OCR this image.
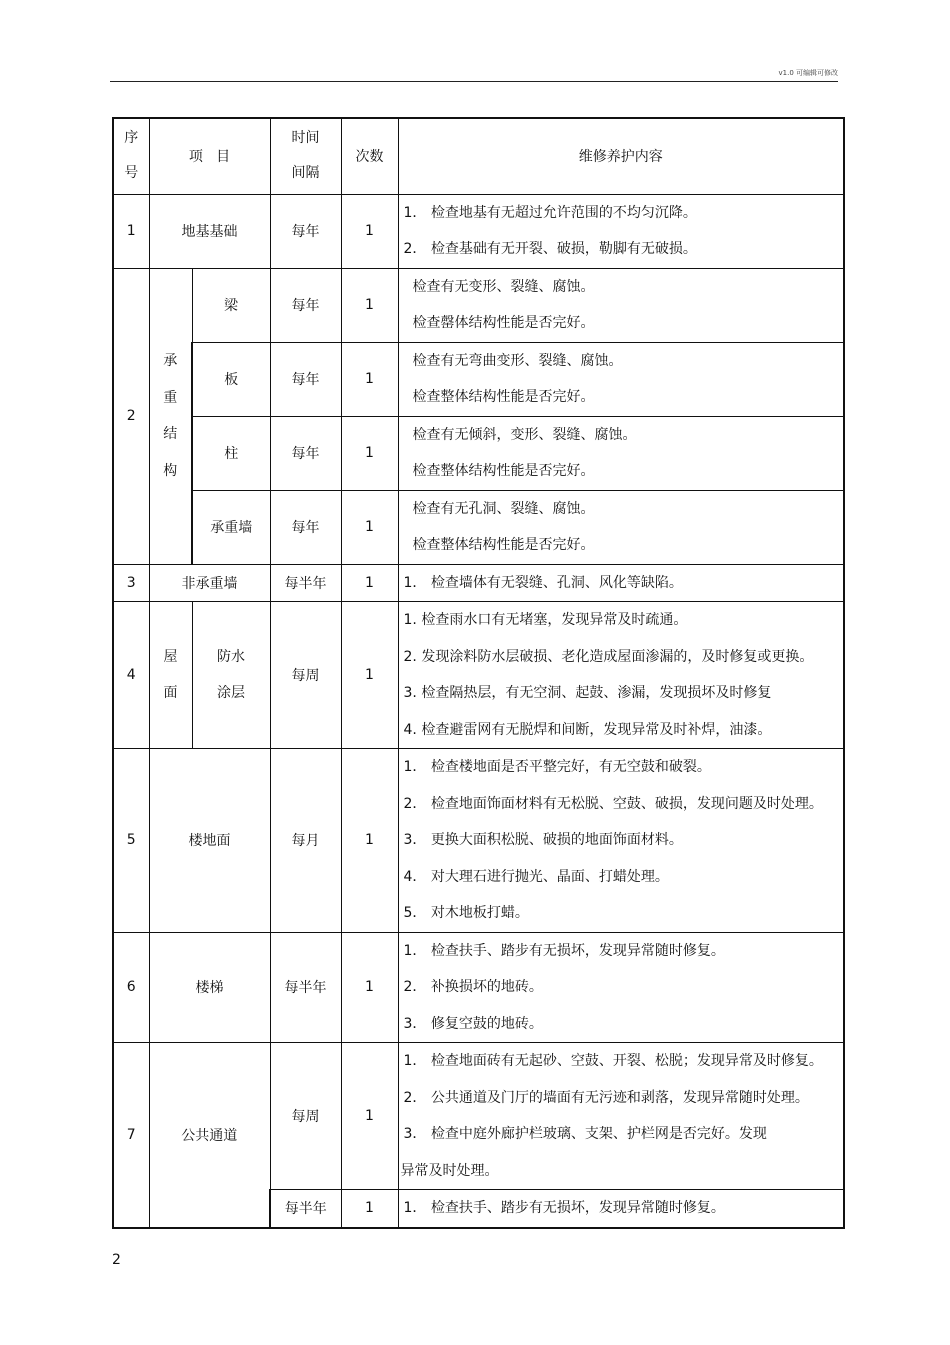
v1.0 可编辑可修改
序
号	项   目		时间
间隔	次数	维修养护内容
1	地基基础		每年	1	1． 检查地基有无超过允许范围的不均匀沉降。
2． 检查基础有无开裂、破损，勒脚有无破损。

2	承
重
结
构	梁	每年	1	检查有无变形、裂缝、腐蚀。
检查罄体结构性能是否完好。

		板	每年	1	检查有无弯曲变形、裂缝、腐蚀。
检查整体结构性能是否完好。

		柱	每年	1	检查有无倾斜，变形、裂缝、腐蚀。
检查整体结构性能是否完好。

		承重墙	每年	1	检查有无孔洞、裂缝、腐蚀。
检查整体结构性能是否完好。

3	非承重墙		每半年	1	1． 检查墙体有无裂缝、孔洞、风化等缺陷。

4	屋
面	防水
涂层	每周	1	1. 检查雨水口有无堵塞，发现异常及时疏通。
2. 发现涂料防水层破损、老化造成屋面渗漏的，及时修复或更换。
3. 检查隔热层，有无空洞、起鼓、渗漏，发现损坏及时修复
4. 检查避雷网有无脱焊和间断，发现异常及时补焊，油漆。

5	楼地面		每月	1	1． 检查楼地面是否平整完好，有无空鼓和破裂。
2． 检查地面饰面材料有无松脱、空鼓、破损，发现问题及时处理。
3． 更换大面积松脱、破损的地面饰面材料。
4． 对大理石进行抛光、晶面、打蜡处理。
5． 对木地板打蜡。

6	楼梯		每半年	1	1． 检查扶手、踏步有无损坏，发现异常随时修复。
2． 补换损坏的地砖。
3． 修复空鼓的地砖。

7	公共通道		每周	1	1． 检查地面砖有无起砂、空鼓、开裂、松脱；发现异常及时修复。
2． 公共通道及门厅的墙面有无污迹和剥落，发现异常随时处理。
3． 检查中庭外廊护栏玻璃、支架、护栏网是否完好。发现
异常及时处理。

			每半年	1	1． 检查扶手、踏步有无损坏，发现异常随时修复。
2
